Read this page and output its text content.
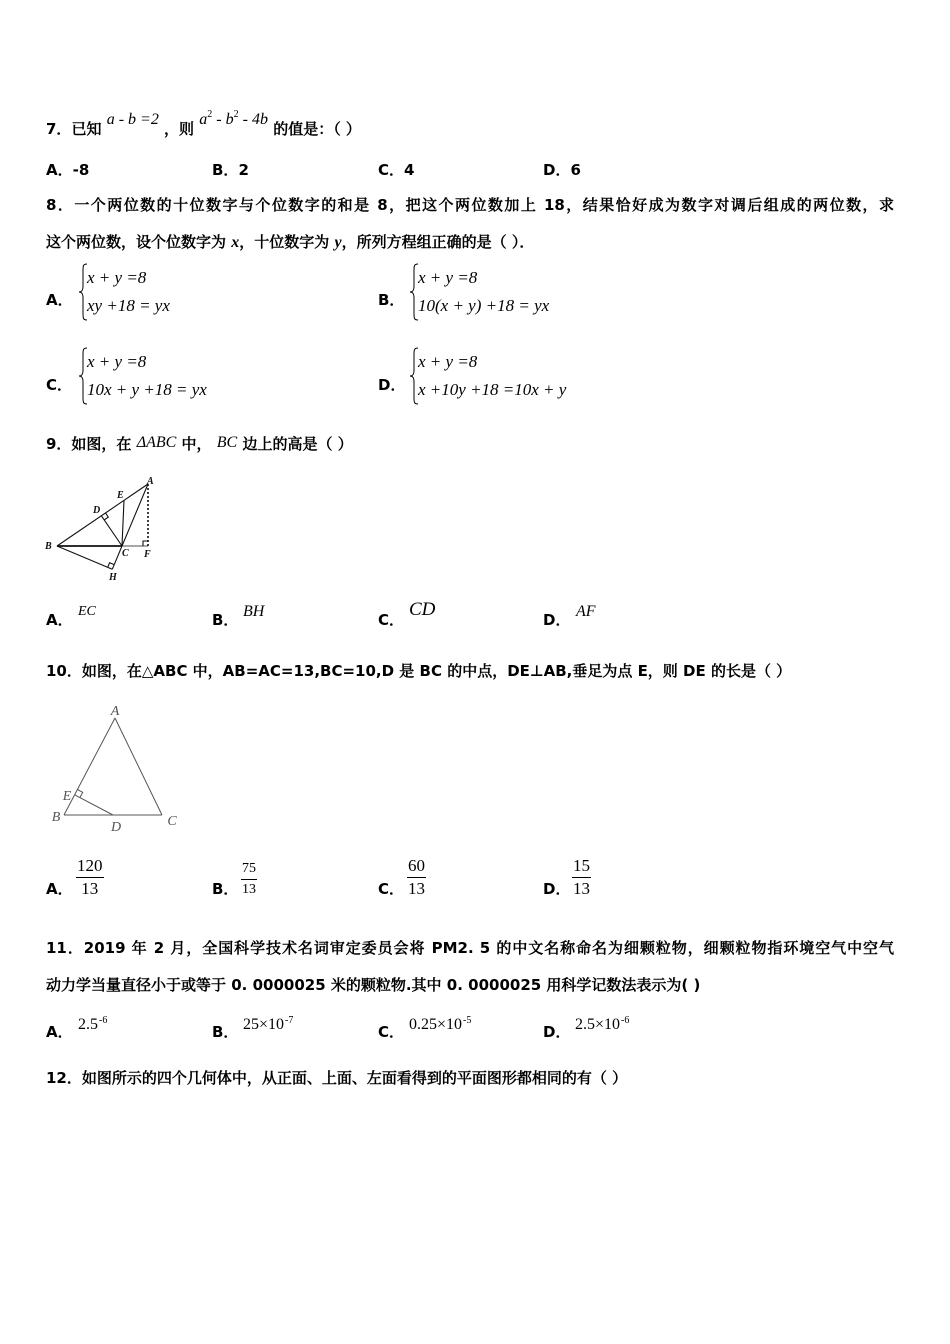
7．已知 a - b =2 ，则 $a^2 - b^2 - 4b$ 的值是：（ ）
A．-8	B．2	C．4	D．6
8．一个两位数的十位数字与个位数字的和是 8，把这个两位数加上 18，结果恰好成为数字对调后组成的两位数，求
这个两位数，设个位数字为 x，十位数字为 y，所列方程组正确的是（ ）．
A．
x + y =8
xy +18 = yx	B．
x + y =8
10(x + y) +18 = yx
C．
x + y =8
10x + y +18 = yx	D．
x + y =8
x +10y +18 =10x + y
9．如图，在 ΔABC 中， BC 边上的高是（ ）
A
E
D
B
C F
H
A． EC	B． BH	C． CD	D． AF
10．如图，在△ABC 中，AB=AC=13,BC=10,D 是 BC 的中点，DE⊥AB,垂足为点 E，则 DE 的长是（ ）
A
E
B
D	C
A． $\frac{120}{13}$	B． $\frac{75}{13}$	C． $\frac{60}{13}$	D． $\frac{15}{13}$
11．2019 年 2 月，全国科学技术名词审定委员会将 PM2. 5 的中文名称命名为细颗粒物，细颗粒物指环境空气中空气
动力学当量直径小于或等于 0. 0000025 米的颗粒物.其中 0. 0000025 用科学记数法表示为( )
A． $2.5^{-6}$
B． $25\times 10^{-7}$
C． $0.25\times 10^{-5}$
D． $2.5\times 10^{-6}$
12．如图所示的四个几何体中，从正面、上面、左面看得到的平面图形都相同的有（ ）
